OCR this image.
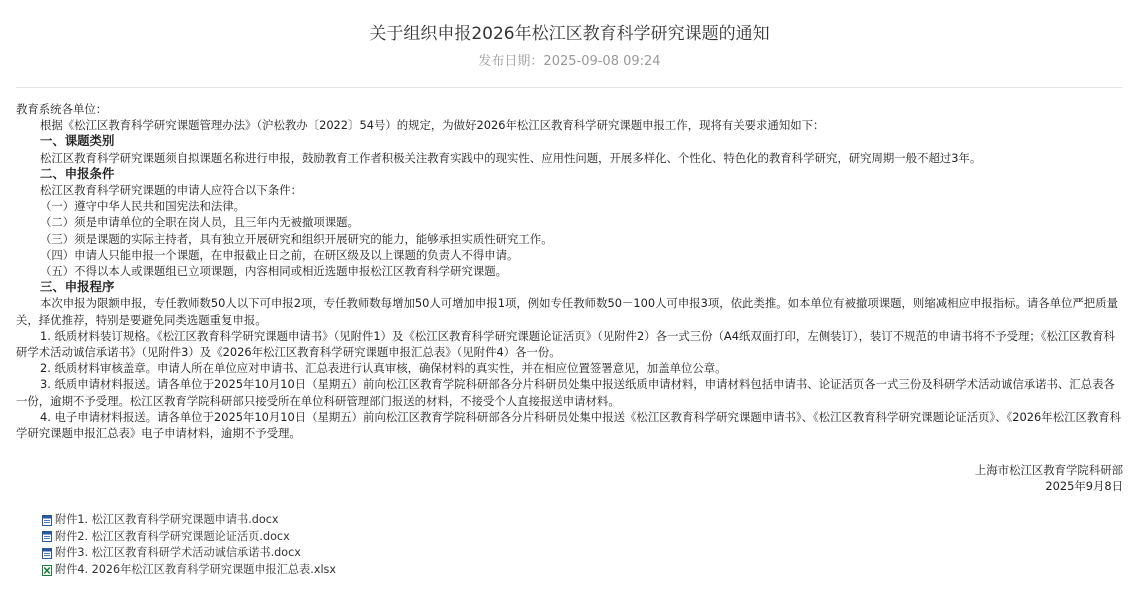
关于组织申报2026年松江区教育科学研究课题的通知
发布日期：2025-09-08 09:24

教育系统各单位：

根据《松江区教育科学研究课题管理办法》（沪松教办〔2022〕54号）的规定，为做好2026年松江区教育科学研究课题申报工作，现将有关要求通知如下：

一、课题类别

松江区教育科学研究课题须自拟课题名称进行申报，鼓励教育工作者积极关注教育实践中的现实性、应用性问题，开展多样化、个性化、特色化的教育科学研究，研究周期一般不超过3年。

二、申报条件

松江区教育科学研究课题的申请人应符合以下条件：

（一）遵守中华人民共和国宪法和法律。

（二）须是申请单位的全职在岗人员，且三年内无被撤项课题。

（三）须是课题的实际主持者，具有独立开展研究和组织开展研究的能力，能够承担实质性研究工作。

（四）申请人只能申报一个课题，在申报截止日之前，在研区级及以上课题的负责人不得申请。

（五）不得以本人或课题组已立项课题，内容相同或相近选题申报松江区教育科学研究课题。

三、申报程序

本次申报为限额申报，专任教师数50人以下可申报2项，专任教师数每增加50人可增加申报1项，例如专任教师数50－100人可申报3项，依此类推。如本单位有被撤项课题，则缩减相应申报指标。请各单位严把质量关，择优推荐，特别是要避免同类选题重复申报。

1. 纸质材料装订规格。《松江区教育科学研究课题申请书》（见附件1）及《松江区教育科学研究课题论证活页》（见附件2）各一式三份（A4纸双面打印，左侧装订），装订不规范的申请书将不予受理；《松江区教育科研学术活动诚信承诺书》（见附件3）及《2026年松江区教育科学研究课题申报汇总表》（见附件4）各一份。

2. 纸质材料审核盖章。申请人所在单位应对申请书、汇总表进行认真审核，确保材料的真实性，并在相应位置签署意见，加盖单位公章。

3. 纸质申请材料报送。请各单位于2025年10月10日（星期五）前向松江区教育学院科研部各分片科研员处集中报送纸质申请材料，申请材料包括申请书、论证活页各一式三份及科研学术活动诚信承诺书、汇总表各一份，逾期不予受理。松江区教育学院科研部只接受所在单位科研管理部门报送的材料，不接受个人直接报送申请材料。

4. 电子申请材料报送。请各单位于2025年10月10日（星期五）前向松江区教育学院科研部各分片科研员处集中报送《松江区教育科学研究课题申请书》、《松江区教育科学研究课题论证活页》、《2026年松江区教育科学研究课题申报汇总表》电子申请材料，逾期不予受理。

上海市松江区教育学院科研部
2025年9月8日
附件1. 松江区教育科学研究课题申请书.docx
附件2. 松江区教育科学研究课题论证活页.docx
附件3. 松江区教育科研学术活动诚信承诺书.docx
附件4. 2026年松江区教育科学研究课题申报汇总表.xlsx
